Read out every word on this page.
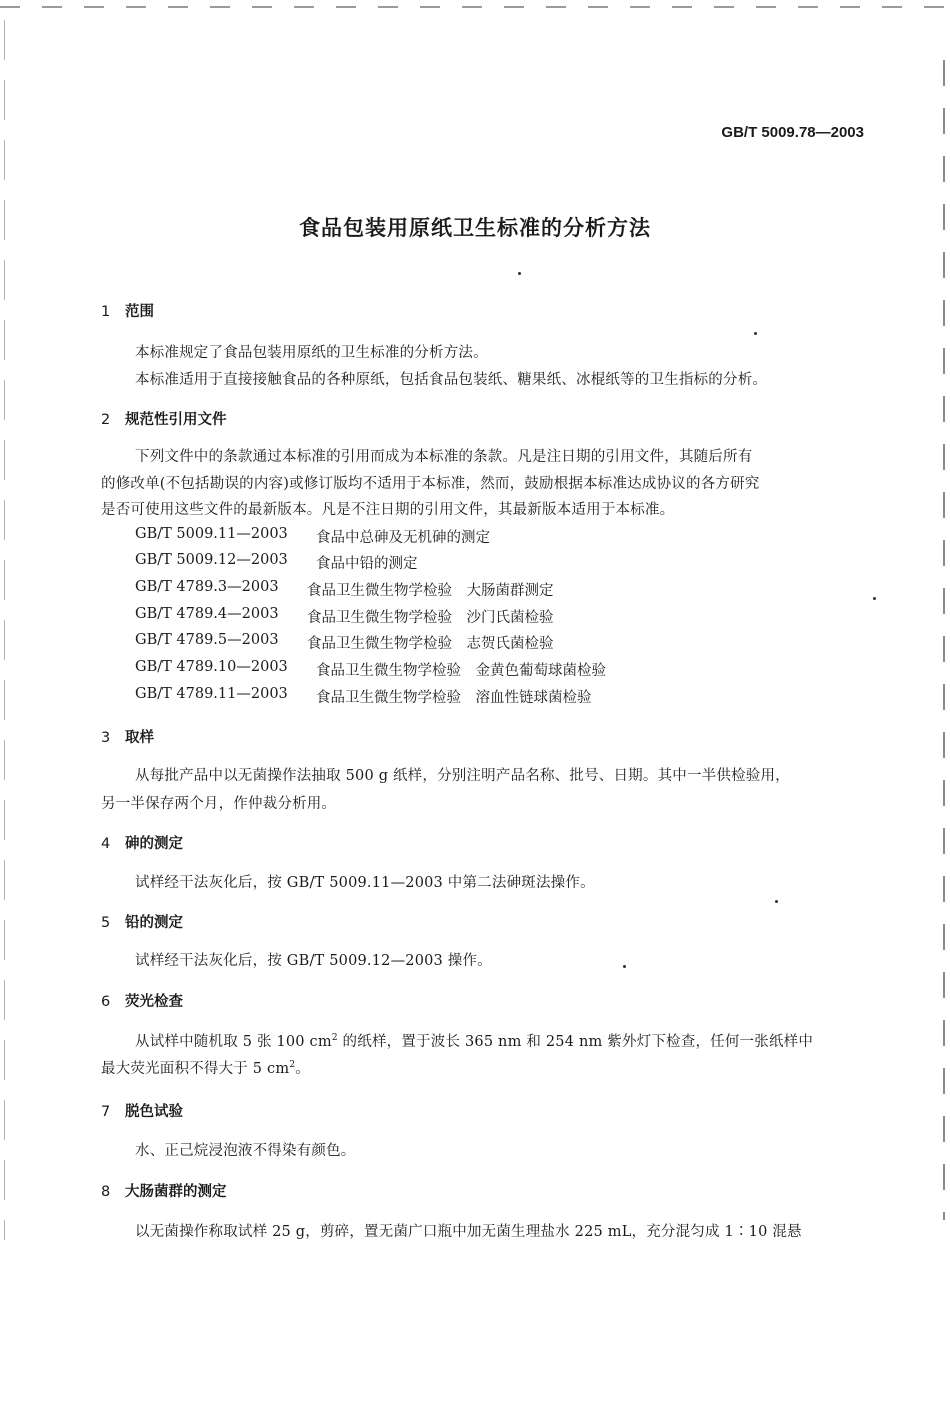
GB/T 5009.78—2003
食品包装用原纸卫生标准的分析方法
1 范围
本标准规定了食品包装用原纸的卫生标准的分析方法。
本标准适用于直接接触食品的各种原纸，包括食品包装纸、糖果纸、冰棍纸等的卫生指标的分析。
2 规范性引用文件
下列文件中的条款通过本标准的引用而成为本标准的条款。凡是注日期的引用文件，其随后所有
的修改单(不包括勘误的内容)或修订版均不适用于本标准，然而，鼓励根据本标准达成协议的各方研究
是否可使用这些文件的最新版本。凡是不注日期的引用文件，其最新版本适用于本标准。
GB/T 5009.11—2003 食品中总砷及无机砷的测定
GB/T 5009.12—2003 食品中铅的测定
GB/T 4789.3—2003 食品卫生微生物学检验　大肠菌群测定
GB/T 4789.4—2003 食品卫生微生物学检验　沙门氏菌检验
GB/T 4789.5—2003 食品卫生微生物学检验　志贺氏菌检验
GB/T 4789.10—2003 食品卫生微生物学检验　金黄色葡萄球菌检验
GB/T 4789.11—2003 食品卫生微生物学检验　溶血性链球菌检验
3 取样
从每批产品中以无菌操作法抽取 500 g 纸样，分别注明产品名称、批号、日期。其中一半供检验用，
另一半保存两个月，作仲裁分析用。
4 砷的测定
试样经干法灰化后，按 GB/T 5009.11—2003 中第二法砷斑法操作。
5 铅的测定
试样经干法灰化后，按 GB/T 5009.12—2003 操作。
6 荧光检查
从试样中随机取 5 张 100 $cm^2$ 的纸样，置于波长 365 nm 和 254 nm 紫外灯下检查，任何一张纸样中
最大荧光面积不得大于 5 $cm^2$。
7 脱色试验
水、正己烷浸泡液不得染有颜色。
8 大肠菌群的测定
以无菌操作称取试样 25 g，剪碎，置无菌广口瓶中加无菌生理盐水 225 mL，充分混匀成 1∶10 混悬
